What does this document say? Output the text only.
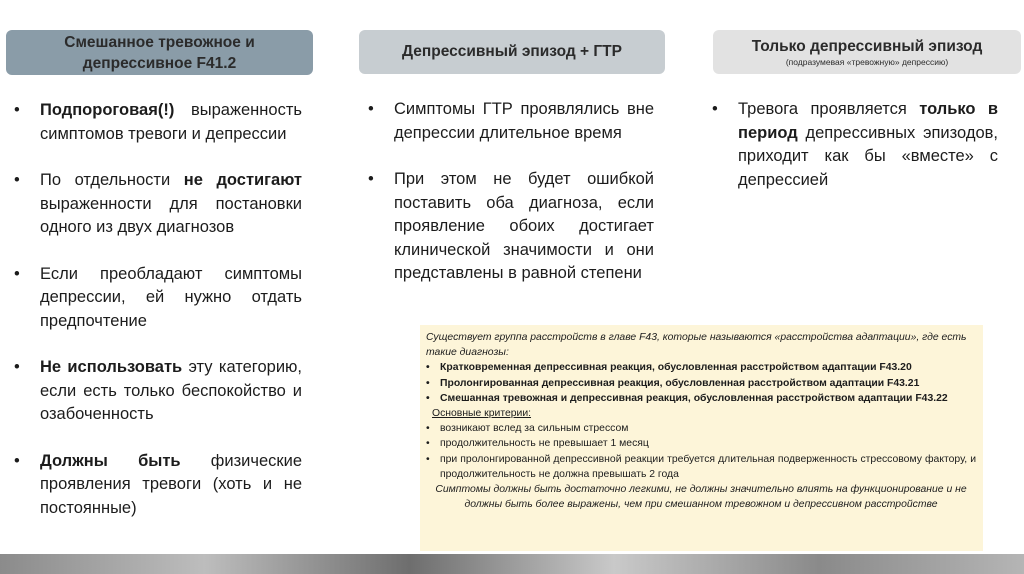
Смешанное тревожное и
депрессивное F41.2
Депрессивный эпизод + ГТР	Только депрессивный эпизод
(подразумевая «тревожную» депрессию)
• Подпороговая(!) выраженность симптомов тревоги и депрессии
• По отдельности не достигают выраженности для постановки одного из двух диагнозов
• Если преобладают симптомы депрессии, ей нужно отдать предпочтение
• Не использовать эту категорию, если есть только беспокойство и озабоченность
• Должны быть физические проявления тревоги (хоть и не постоянные)
• Симптомы ГТР проявлялись вне депрессии длительное время
• При этом не будет ошибкой поставить оба диагноза, если проявление обоих достигает клинической значимости и они представлены в равной степени
• Тревога проявляется только в период депрессивных эпизодов, приходит как бы «вместе» с депрессией
Существует группа расстройств в главе F43, которые называются «расстройства адаптации», где есть такие диагнозы:
• Кратковременная депрессивная реакция, обусловленная расстройством адаптации F43.20
• Пролонгированная депрессивная реакция, обусловленная расстройством адаптации F43.21
• Смешанная тревожная и депрессивная реакция, обусловленная расстройством адаптации F43.22
Основные критерии:
• возникают вслед за сильным стрессом
• продолжительность не превышает 1 месяц
• при пролонгированной депрессивной реакции требуется длительная подверженность стрессовому фактору, и продолжительность не должна превышать 2 года
Симптомы должны быть достаточно легкими, не должны значительно влиять на функционирование и не должны быть более выражены, чем при смешанном тревожном и депрессивном расстройстве
